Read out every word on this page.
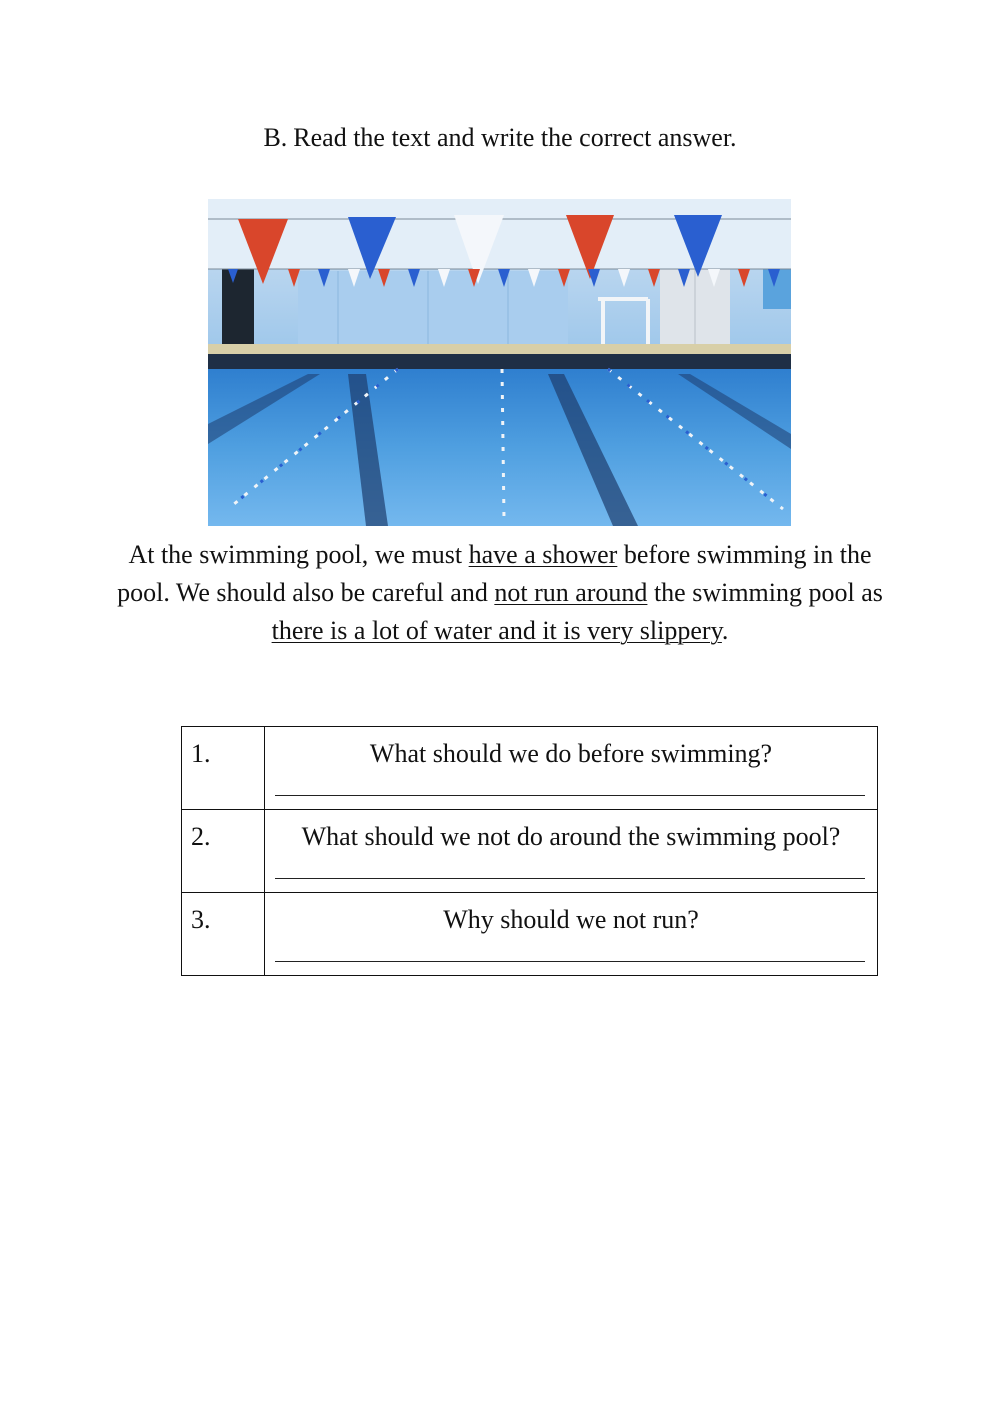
B. Read the text and write the correct answer.
At the swimming pool, we must have a shower before swimming in the pool. We should also be careful and not run around the swimming pool as there is a lot of water and it is very slippery.
1.	What should we do before swimming?

2.	What should we not do around the swimming pool?

3.	Why should we not run?
